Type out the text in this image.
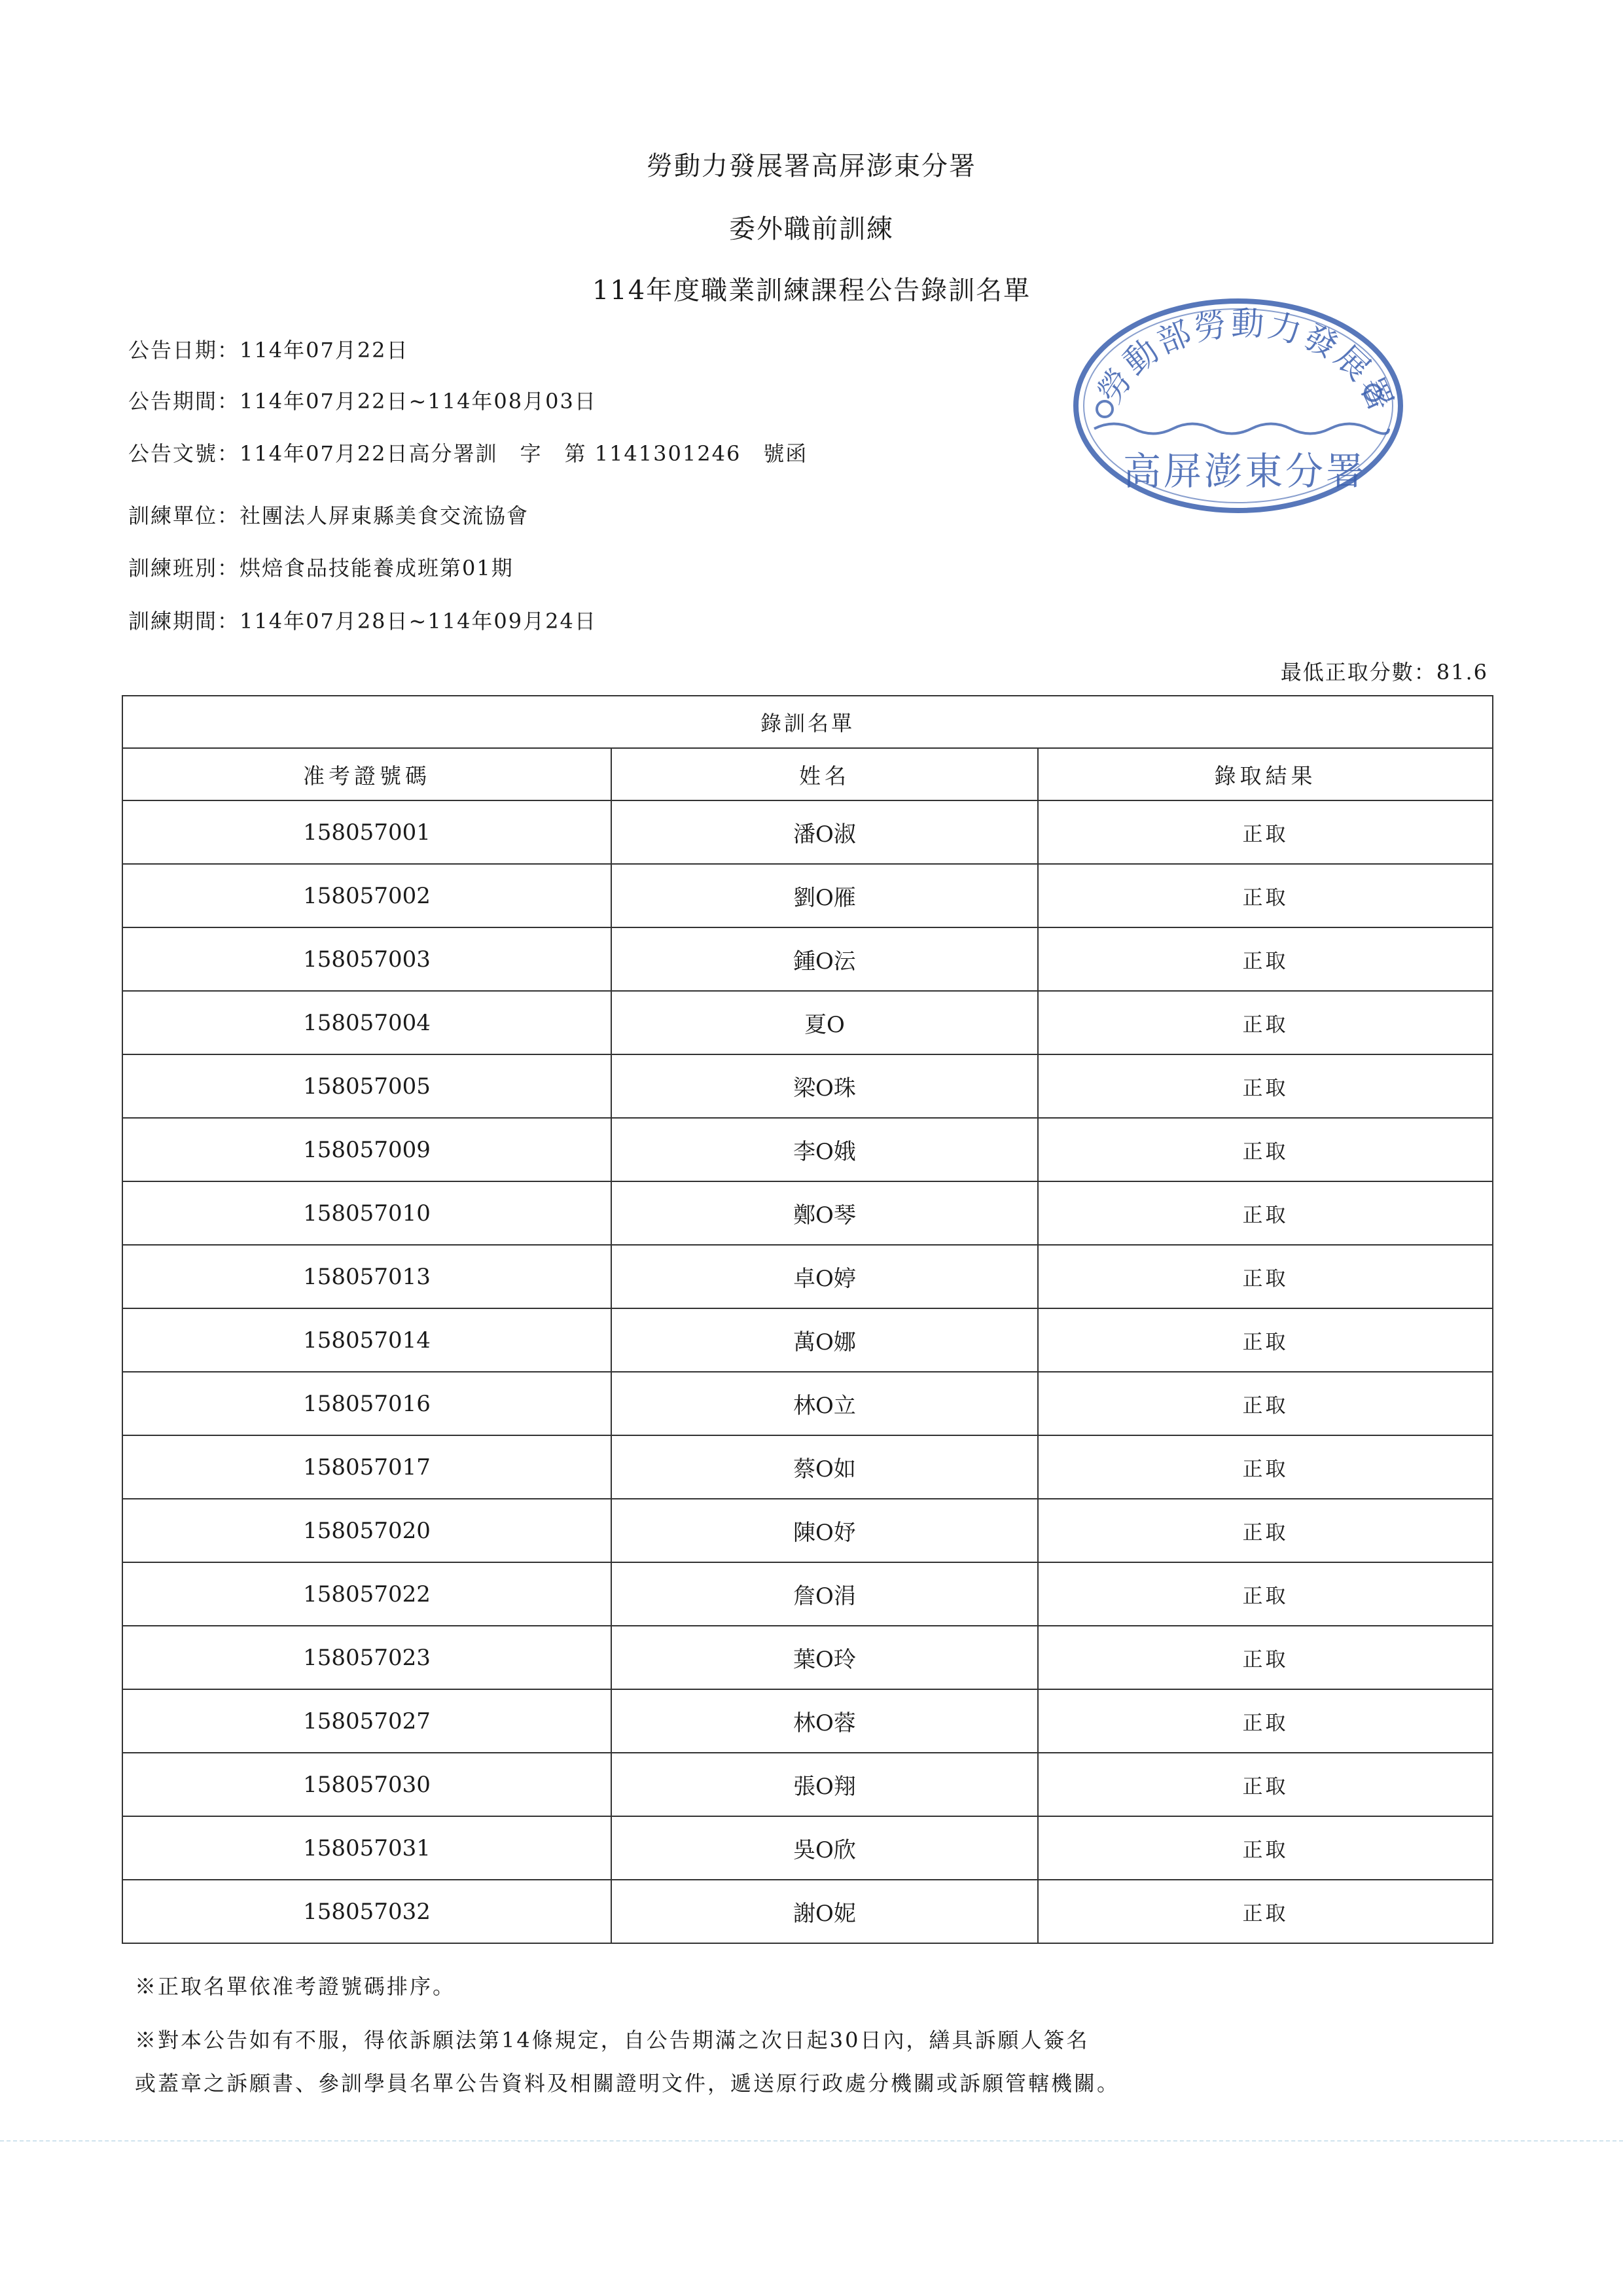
勞動力發展署高屏澎東分署
委外職前訓練
114年度職業訓練課程公告錄訓名單
公告日期：114年07月22日
公告期間：114年07月22日~114年08月03日
公告文號：114年07月22日高分署訓　字　第 1141301246　號函
訓練單位：社團法人屏東縣美食交流協會
訓練班別：烘焙食品技能養成班第01期
訓練期間：114年07月28日~114年09月24日
最低正取分數：81.6
勞動部勞動力發展署
高屏澎東分署
錄訓名單		
准考證號碼	姓名	錄取結果
158057001	潘O淑	正取
158057002	劉O雁	正取
158057003	鍾O沄	正取
158057004	夏O	正取
158057005	梁O珠	正取
158057009	李O娥	正取
158057010	鄭O琴	正取
158057013	卓O婷	正取
158057014	萬O娜	正取
158057016	林O立	正取
158057017	蔡O如	正取
158057020	陳O妤	正取
158057022	詹O涓	正取
158057023	葉O玲	正取
158057027	林O蓉	正取
158057030	張O翔	正取
158057031	吳O欣	正取
158057032	謝O妮	正取
※正取名單依准考證號碼排序。
※對本公告如有不服，得依訴願法第14條規定，自公告期滿之次日起30日內，繕具訴願人簽名
或蓋章之訴願書、參訓學員名單公告資料及相關證明文件，遞送原行政處分機關或訴願管轄機關。
